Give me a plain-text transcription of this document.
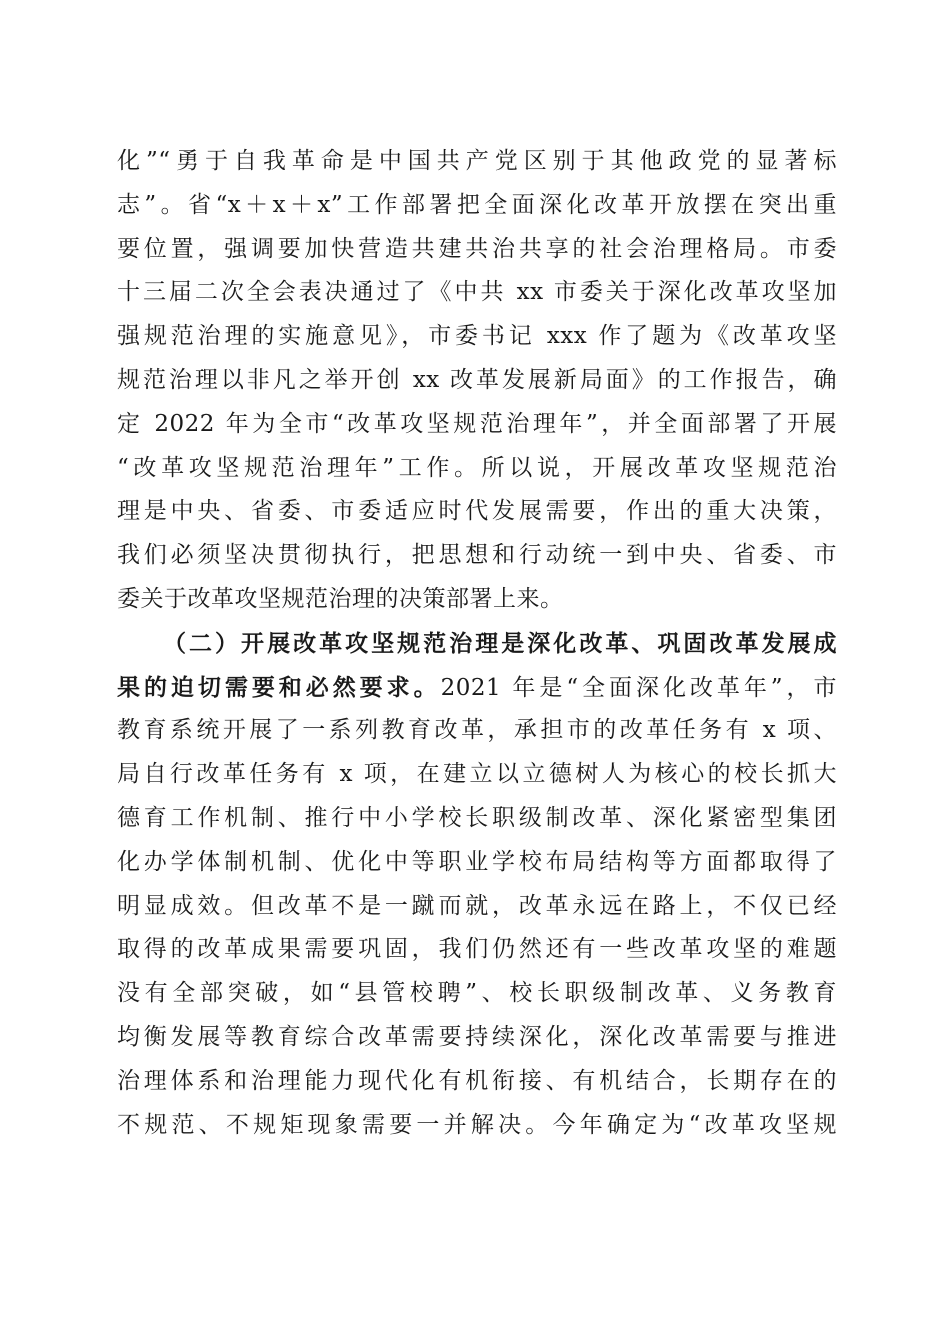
化”“勇于自我革命是中国共产党区别于其他政党的显著标
志”。省“x＋x＋x”工作部署把全面深化改革开放摆在突出重
要位置，强调要加快营造共建共治共享的社会治理格局。市委
十三届二次全会表决通过了《中共 xx 市委关于深化改革攻坚加
强规范治理的实施意见》，市委书记 xxx 作了题为《改革攻坚
规范治理以非凡之举开创 xx 改革发展新局面》的工作报告，确
定 2022 年为全市“改革攻坚规范治理年”，并全面部署了开展
“改革攻坚规范治理年”工作。所以说，开展改革攻坚规范治
理是中央、省委、市委适应时代发展需要，作出的重大决策，
我们必须坚决贯彻执行，把思想和行动统一到中央、省委、市
委关于改革攻坚规范治理的决策部署上来。
（二）开展改革攻坚规范治理是深化改革、巩固改革发展成
果的迫切需要和必然要求。2021 年是“全面深化改革年”，市
教育系统开展了一系列教育改革，承担市的改革任务有 x 项、
局自行改革任务有 x 项，在建立以立德树人为核心的校长抓大
德育工作机制、推行中小学校长职级制改革、深化紧密型集团
化办学体制机制、优化中等职业学校布局结构等方面都取得了
明显成效。但改革不是一蹴而就，改革永远在路上，不仅已经
取得的改革成果需要巩固，我们仍然还有一些改革攻坚的难题
没有全部突破，如“县管校聘”、校长职级制改革、义务教育
均衡发展等教育综合改革需要持续深化，深化改革需要与推进
治理体系和治理能力现代化有机衔接、有机结合，长期存在的
不规范、不规矩现象需要一并解决。今年确定为“改革攻坚规
